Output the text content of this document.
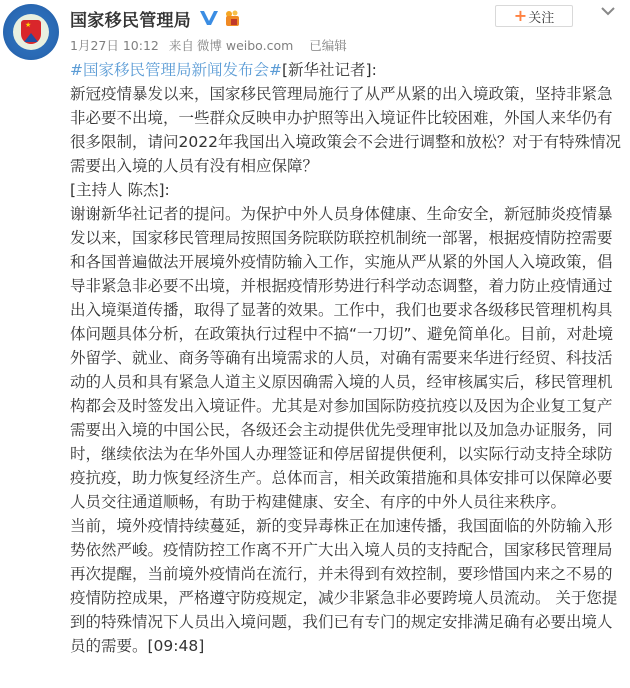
★ 国家移民管理局	+ 关注
1月27日 10:12 来自 微博 weibo.com 已编辑

#国家移民管理局新闻发布会#[新华社记者]:
新冠疫情暴发以来，国家移民管理局施行了从严从紧的出入境政策，坚持非紧急非必要不出境，一些群众反映申办护照等出入境证件比较困难，外国人来华仍有很多限制，请问2022年我国出入境政策会不会进行调整和放松？对于有特殊情况需要出入境的人员有没有相应保障？

[主持人 陈杰]:
谢谢新华社记者的提问。为保护中外人员身体健康、生命安全，新冠肺炎疫情暴发以来，国家移民管理局按照国务院联防联控机制统一部署，根据疫情防控需要和各国普遍做法开展境外疫情防输入工作，实施从严从紧的外国人入境政策，倡导非紧急非必要不出境，并根据疫情形势进行科学动态调整，着力防止疫情通过出入境渠道传播，取得了显著的效果。工作中，我们也要求各级移民管理机构具体问题具体分析，在政策执行过程中不搞“一刀切”、避免简单化。目前，对赴境外留学、就业、商务等确有出境需求的人员，对确有需要来华进行经贸、科技活动的人员和具有紧急人道主义原因确需入境的人员，经审核属实后，移民管理机构都会及时签发出入境证件。尤其是对参加国际防疫抗疫以及因为企业复工复产需要出入境的中国公民，各级还会主动提供优先受理审批以及加急办证服务，同时，继续依法为在华外国人办理签证和停居留提供便利，以实际行动支持全球防疫抗疫，助力恢复经济生产。总体而言，相关政策措施和具体安排可以保障必要人员交往通道顺畅，有助于构建健康、安全、有序的中外人员往来秩序。

当前，境外疫情持续蔓延，新的变异毒株正在加速传播，我国面临的外防输入形势依然严峻。疫情防控工作离不开广大出入境人员的支持配合，国家移民管理局再次提醒，当前境外疫情尚在流行，并未得到有效控制，要珍惜国内来之不易的疫情防控成果，严格遵守防疫规定，减少非紧急非必要跨境人员流动。 关于您提到的特殊情况下人员出入境问题，我们已有专门的规定安排满足确有必要出境人员的需要。[09:48]
